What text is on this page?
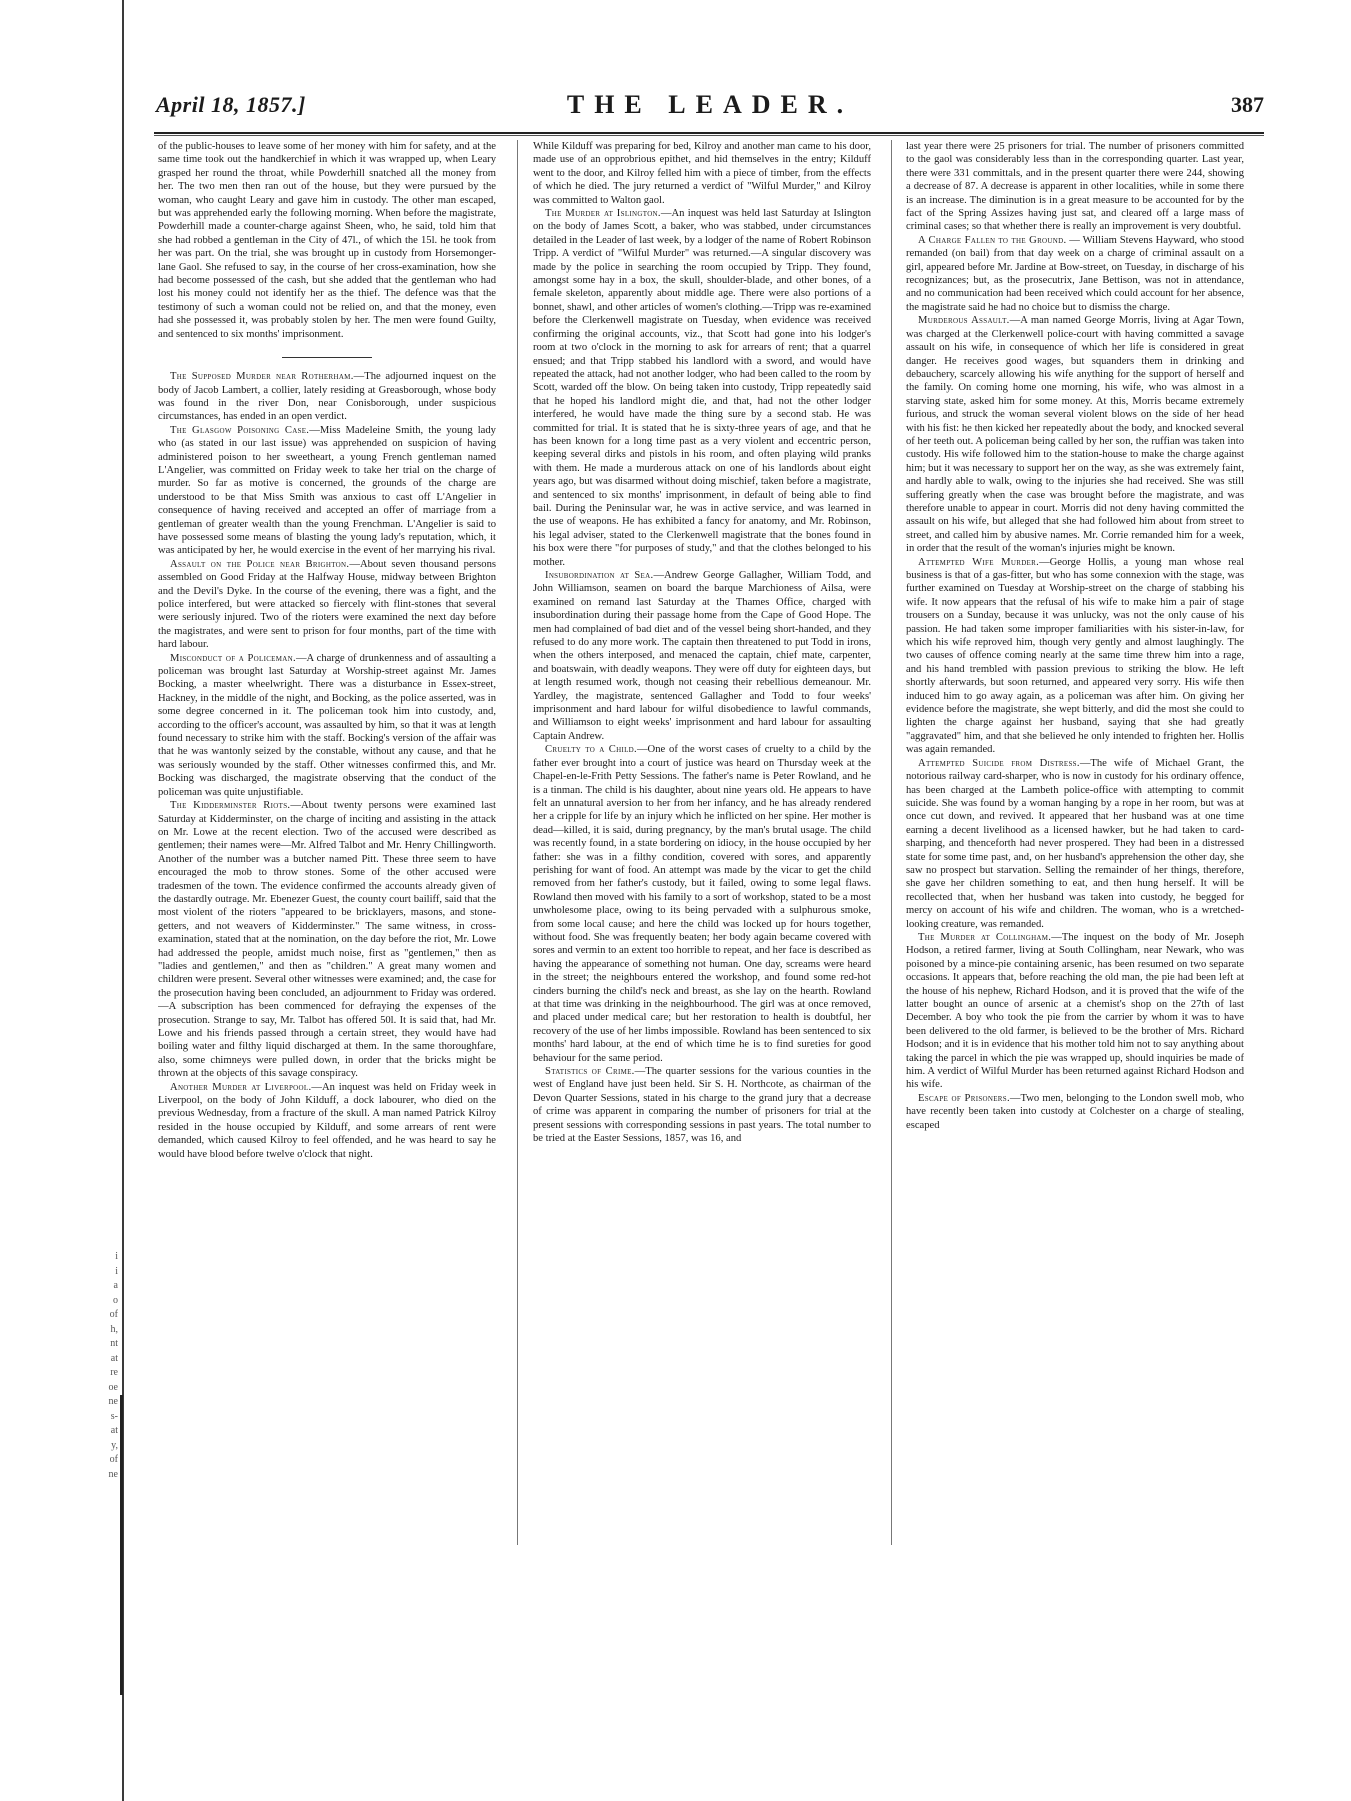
i
i
a
o
of
h,
nt
at
re
oe
ne
s-
at
y,
of
ne
April 18, 1857.]	THE LEADER.	387

of the public-houses to leave some of her money with him for safety, and at the same time took out the handkerchief in which it was wrapped up, when Leary grasped her round the throat, while Powderhill snatched all the money from her. The two men then ran out of the house, but they were pursued by the woman, who caught Leary and gave him in custody. The other man escaped, but was apprehended early the following morning. When before the magistrate, Powderhill made a counter-charge against Sheen, who, he said, told him that she had robbed a gentleman in the City of 47l., of which the 15l. he took from her was part. On the trial, she was brought up in custody from Horsemonger-lane Gaol. She refused to say, in the course of her cross-examination, how she had become possessed of the cash, but she added that the gentleman who had lost his money could not identify her as the thief. The defence was that the testimony of such a woman could not be relied on, and that the money, even had she possessed it, was probably stolen by her. The men were found Guilty, and sentenced to six months' imprisonment.

The Supposed Murder near Rotherham.—The adjourned inquest on the body of Jacob Lambert, a collier, lately residing at Greasborough, whose body was found in the river Don, near Conisborough, under suspicious circumstances, has ended in an open verdict.

The Glasgow Poisoning Case.—Miss Madeleine Smith, the young lady who (as stated in our last issue) was apprehended on suspicion of having administered poison to her sweetheart, a young French gentleman named L'Angelier, was committed on Friday week to take her trial on the charge of murder. So far as motive is concerned, the grounds of the charge are understood to be that Miss Smith was anxious to cast off L'Angelier in consequence of having received and accepted an offer of marriage from a gentleman of greater wealth than the young Frenchman. L'Angelier is said to have possessed some means of blasting the young lady's reputation, which, it was anticipated by her, he would exercise in the event of her marrying his rival.

Assault on the Police near Brighton.—About seven thousand persons assembled on Good Friday at the Halfway House, midway between Brighton and the Devil's Dyke. In the course of the evening, there was a fight, and the police interfered, but were attacked so fiercely with flint-stones that several were seriously injured. Two of the rioters were examined the next day before the magistrates, and were sent to prison for four months, part of the time with hard labour.

Misconduct of a Policeman.—A charge of drunkenness and of assaulting a policeman was brought last Saturday at Worship-street against Mr. James Bocking, a master wheelwright. There was a disturbance in Essex-street, Hackney, in the middle of the night, and Bocking, as the police asserted, was in some degree concerned in it. The policeman took him into custody, and, according to the officer's account, was assaulted by him, so that it was at length found necessary to strike him with the staff. Bocking's version of the affair was that he was wantonly seized by the constable, without any cause, and that he was seriously wounded by the staff. Other witnesses confirmed this, and Mr. Bocking was discharged, the magistrate observing that the conduct of the policeman was quite unjustifiable.

The Kidderminster Riots.—About twenty persons were examined last Saturday at Kidderminster, on the charge of inciting and assisting in the attack on Mr. Lowe at the recent election. Two of the accused were described as gentlemen; their names were—Mr. Alfred Talbot and Mr. Henry Chillingworth. Another of the number was a butcher named Pitt. These three seem to have encouraged the mob to throw stones. Some of the other accused were tradesmen of the town. The evidence confirmed the accounts already given of the dastardly outrage. Mr. Ebenezer Guest, the county court bailiff, said that the most violent of the rioters "appeared to be bricklayers, masons, and stone-getters, and not weavers of Kidderminster." The same witness, in cross-examination, stated that at the nomination, on the day before the riot, Mr. Lowe had addressed the people, amidst much noise, first as "gentlemen," then as "ladies and gentlemen," and then as "children." A great many women and children were present. Several other witnesses were examined; and, the case for the prosecution having been concluded, an adjournment to Friday was ordered.—A subscription has been commenced for defraying the expenses of the prosecution. Strange to say, Mr. Talbot has offered 50l. It is said that, had Mr. Lowe and his friends passed through a certain street, they would have had boiling water and filthy liquid discharged at them. In the same thoroughfare, also, some chimneys were pulled down, in order that the bricks might be thrown at the objects of this savage conspiracy.

Another Murder at Liverpool.—An inquest was held on Friday week in Liverpool, on the body of John Kilduff, a dock labourer, who died on the previous Wednesday, from a fracture of the skull. A man named Patrick Kilroy resided in the house occupied by Kilduff, and some arrears of rent were demanded, which caused Kilroy to feel offended, and he was heard to say he would have blood before twelve o'clock that night.

While Kilduff was preparing for bed, Kilroy and another man came to his door, made use of an opprobrious epithet, and hid themselves in the entry; Kilduff went to the door, and Kilroy felled him with a piece of timber, from the effects of which he died. The jury returned a verdict of "Wilful Murder," and Kilroy was committed to Walton gaol.

The Murder at Islington.—An inquest was held last Saturday at Islington on the body of James Scott, a baker, who was stabbed, under circumstances detailed in the Leader of last week, by a lodger of the name of Robert Robinson Tripp. A verdict of "Wilful Murder" was returned.—A singular discovery was made by the police in searching the room occupied by Tripp. They found, amongst some hay in a box, the skull, shoulder-blade, and other bones, of a female skeleton, apparently about middle age. There were also portions of a bonnet, shawl, and other articles of women's clothing.—Tripp was re-examined before the Clerkenwell magistrate on Tuesday, when evidence was received confirming the original accounts, viz., that Scott had gone into his lodger's room at two o'clock in the morning to ask for arrears of rent; that a quarrel ensued; and that Tripp stabbed his landlord with a sword, and would have repeated the attack, had not another lodger, who had been called to the room by Scott, warded off the blow. On being taken into custody, Tripp repeatedly said that he hoped his landlord might die, and that, had not the other lodger interfered, he would have made the thing sure by a second stab. He was committed for trial. It is stated that he is sixty-three years of age, and that he has been known for a long time past as a very violent and eccentric person, keeping several dirks and pistols in his room, and often playing wild pranks with them. He made a murderous attack on one of his landlords about eight years ago, but was disarmed without doing mischief, taken before a magistrate, and sentenced to six months' imprisonment, in default of being able to find bail. During the Peninsular war, he was in active service, and was learned in the use of weapons. He has exhibited a fancy for anatomy, and Mr. Robinson, his legal adviser, stated to the Clerkenwell magistrate that the bones found in his box were there "for purposes of study," and that the clothes belonged to his mother.

Insubordination at Sea.—Andrew George Gallagher, William Todd, and John Williamson, seamen on board the barque Marchioness of Ailsa, were examined on remand last Saturday at the Thames Office, charged with insubordination during their passage home from the Cape of Good Hope. The men had complained of bad diet and of the vessel being short-handed, and they refused to do any more work. The captain then threatened to put Todd in irons, when the others interposed, and menaced the captain, chief mate, carpenter, and boatswain, with deadly weapons. They were off duty for eighteen days, but at length resumed work, though not ceasing their rebellious demeanour. Mr. Yardley, the magistrate, sentenced Gallagher and Todd to four weeks' imprisonment and hard labour for wilful disobedience to lawful commands, and Williamson to eight weeks' imprisonment and hard labour for assaulting Captain Andrew.

Cruelty to a Child.—One of the worst cases of cruelty to a child by the father ever brought into a court of justice was heard on Thursday week at the Chapel-en-le-Frith Petty Sessions. The father's name is Peter Rowland, and he is a tinman. The child is his daughter, about nine years old. He appears to have felt an unnatural aversion to her from her infancy, and he has already rendered her a cripple for life by an injury which he inflicted on her spine. Her mother is dead—killed, it is said, during pregnancy, by the man's brutal usage. The child was recently found, in a state bordering on idiocy, in the house occupied by her father: she was in a filthy condition, covered with sores, and apparently perishing for want of food. An attempt was made by the vicar to get the child removed from her father's custody, but it failed, owing to some legal flaws. Rowland then moved with his family to a sort of workshop, stated to be a most unwholesome place, owing to its being pervaded with a sulphurous smoke, from some local cause; and here the child was locked up for hours together, without food. She was frequently beaten; her body again became covered with sores and vermin to an extent too horrible to repeat, and her face is described as having the appearance of something not human. One day, screams were heard in the street; the neighbours entered the workshop, and found some red-hot cinders burning the child's neck and breast, as she lay on the hearth. Rowland at that time was drinking in the neighbourhood. The girl was at once removed, and placed under medical care; but her restoration to health is doubtful, her recovery of the use of her limbs impossible. Rowland has been sentenced to six months' hard labour, at the end of which time he is to find sureties for good behaviour for the same period.

Statistics of Crime.—The quarter sessions for the various counties in the west of England have just been held. Sir S. H. Northcote, as chairman of the Devon Quarter Sessions, stated in his charge to the grand jury that a decrease of crime was apparent in comparing the number of prisoners for trial at the present sessions with corresponding sessions in past years. The total number to be tried at the Easter Sessions, 1857, was 16, and

last year there were 25 prisoners for trial. The number of prisoners committed to the gaol was considerably less than in the corresponding quarter. Last year, there were 331 committals, and in the present quarter there were 244, showing a decrease of 87. A decrease is apparent in other localities, while in some there is an increase. The diminution is in a great measure to be accounted for by the fact of the Spring Assizes having just sat, and cleared off a large mass of criminal cases; so that whether there is really an improvement is very doubtful.

A Charge Fallen to the Ground. — William Stevens Hayward, who stood remanded (on bail) from that day week on a charge of criminal assault on a girl, appeared before Mr. Jardine at Bow-street, on Tuesday, in discharge of his recognizances; but, as the prosecutrix, Jane Bettison, was not in attendance, and no communication had been received which could account for her absence, the magistrate said he had no choice but to dismiss the charge.

Murderous Assault.—A man named George Morris, living at Agar Town, was charged at the Clerkenwell police-court with having committed a savage assault on his wife, in consequence of which her life is considered in great danger. He receives good wages, but squanders them in drinking and debauchery, scarcely allowing his wife anything for the support of herself and the family. On coming home one morning, his wife, who was almost in a starving state, asked him for some money. At this, Morris became extremely furious, and struck the woman several violent blows on the side of her head with his fist: he then kicked her repeatedly about the body, and knocked several of her teeth out. A policeman being called by her son, the ruffian was taken into custody. His wife followed him to the station-house to make the charge against him; but it was necessary to support her on the way, as she was extremely faint, and hardly able to walk, owing to the injuries she had received. She was still suffering greatly when the case was brought before the magistrate, and was therefore unable to appear in court. Morris did not deny having committed the assault on his wife, but alleged that she had followed him about from street to street, and called him by abusive names. Mr. Corrie remanded him for a week, in order that the result of the woman's injuries might be known.

Attempted Wife Murder.—George Hollis, a young man whose real business is that of a gas-fitter, but who has some connexion with the stage, was further examined on Tuesday at Worship-street on the charge of stabbing his wife. It now appears that the refusal of his wife to make him a pair of stage trousers on a Sunday, because it was unlucky, was not the only cause of his passion. He had taken some improper familiarities with his sister-in-law, for which his wife reproved him, though very gently and almost laughingly. The two causes of offence coming nearly at the same time threw him into a rage, and his hand trembled with passion previous to striking the blow. He left shortly afterwards, but soon returned, and appeared very sorry. His wife then induced him to go away again, as a policeman was after him. On giving her evidence before the magistrate, she wept bitterly, and did the most she could to lighten the charge against her husband, saying that she had greatly "aggravated" him, and that she believed he only intended to frighten her. Hollis was again remanded.

Attempted Suicide from Distress.—The wife of Michael Grant, the notorious railway card-sharper, who is now in custody for his ordinary offence, has been charged at the Lambeth police-office with attempting to commit suicide. She was found by a woman hanging by a rope in her room, but was at once cut down, and revived. It appeared that her husband was at one time earning a decent livelihood as a licensed hawker, but he had taken to card-sharping, and thenceforth had never prospered. They had been in a distressed state for some time past, and, on her husband's apprehension the other day, she saw no prospect but starvation. Selling the remainder of her things, therefore, she gave her children something to eat, and then hung herself. It will be recollected that, when her husband was taken into custody, he begged for mercy on account of his wife and children. The woman, who is a wretched-looking creature, was remanded.

The Murder at Collingham.—The inquest on the body of Mr. Joseph Hodson, a retired farmer, living at South Collingham, near Newark, who was poisoned by a mince-pie containing arsenic, has been resumed on two separate occasions. It appears that, before reaching the old man, the pie had been left at the house of his nephew, Richard Hodson, and it is proved that the wife of the latter bought an ounce of arsenic at a chemist's shop on the 27th of last December. A boy who took the pie from the carrier by whom it was to have been delivered to the old farmer, is believed to be the brother of Mrs. Richard Hodson; and it is in evidence that his mother told him not to say anything about taking the parcel in which the pie was wrapped up, should inquiries be made of him. A verdict of Wilful Murder has been returned against Richard Hodson and his wife.

Escape of Prisoners.—Two men, belonging to the London swell mob, who have recently been taken into custody at Colchester on a charge of stealing, escaped
